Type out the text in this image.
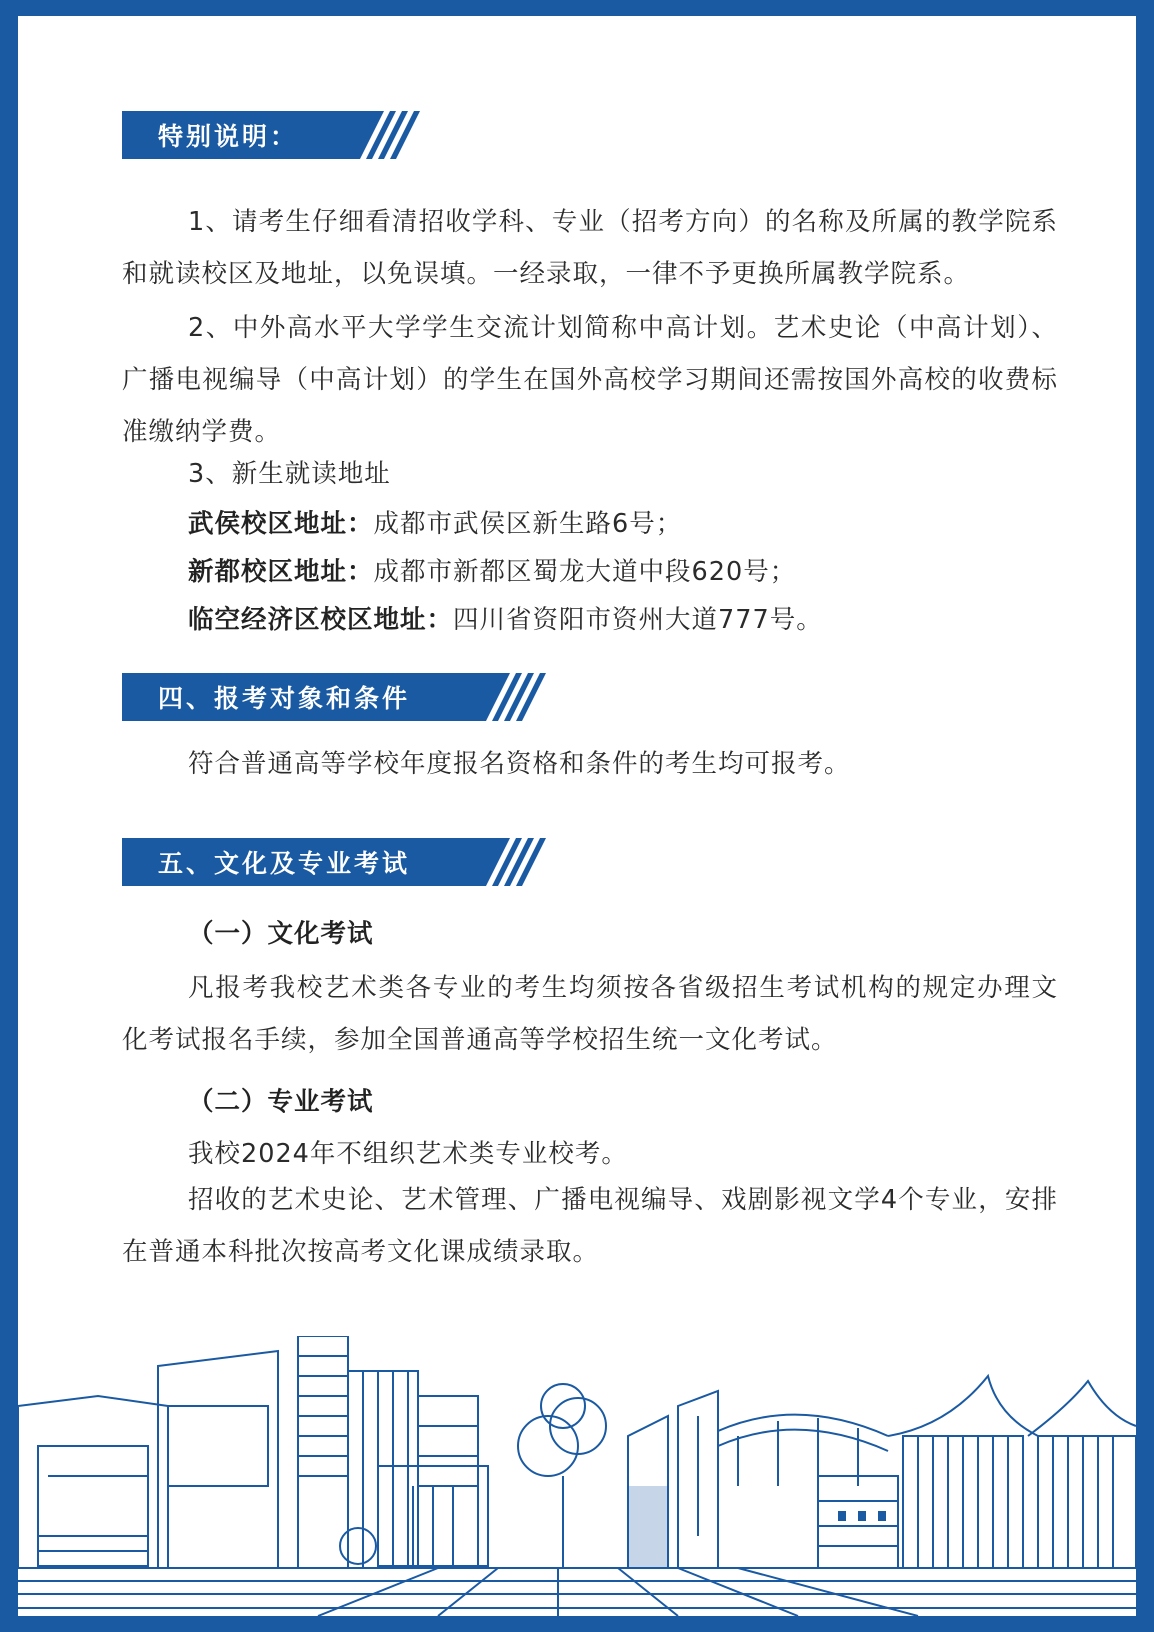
特别说明：
1、请考生仔细看清招收学科、专业（招考方向）的名称及所属的教学院系和就读校区及地址，以免误填。一经录取，一律不予更换所属教学院系。
2、中外高水平大学学生交流计划简称中高计划。艺术史论（中高计划）、广播电视编导（中高计划）的学生在国外高校学习期间还需按国外高校的收费标准缴纳学费。
3、新生就读地址
武侯校区地址：成都市武侯区新生路6号；
新都校区地址：成都市新都区蜀龙大道中段620号；
临空经济区校区地址：四川省资阳市资州大道777号。
四、报考对象和条件
符合普通高等学校年度报名资格和条件的考生均可报考。
五、文化及专业考试
（一）文化考试
凡报考我校艺术类各专业的考生均须按各省级招生考试机构的规定办理文化考试报名手续，参加全国普通高等学校招生统一文化考试。
（二）专业考试
我校2024年不组织艺术类专业校考。
招收的艺术史论、艺术管理、广播电视编导、戏剧影视文学4个专业，安排在普通本科批次按高考文化课成绩录取。
